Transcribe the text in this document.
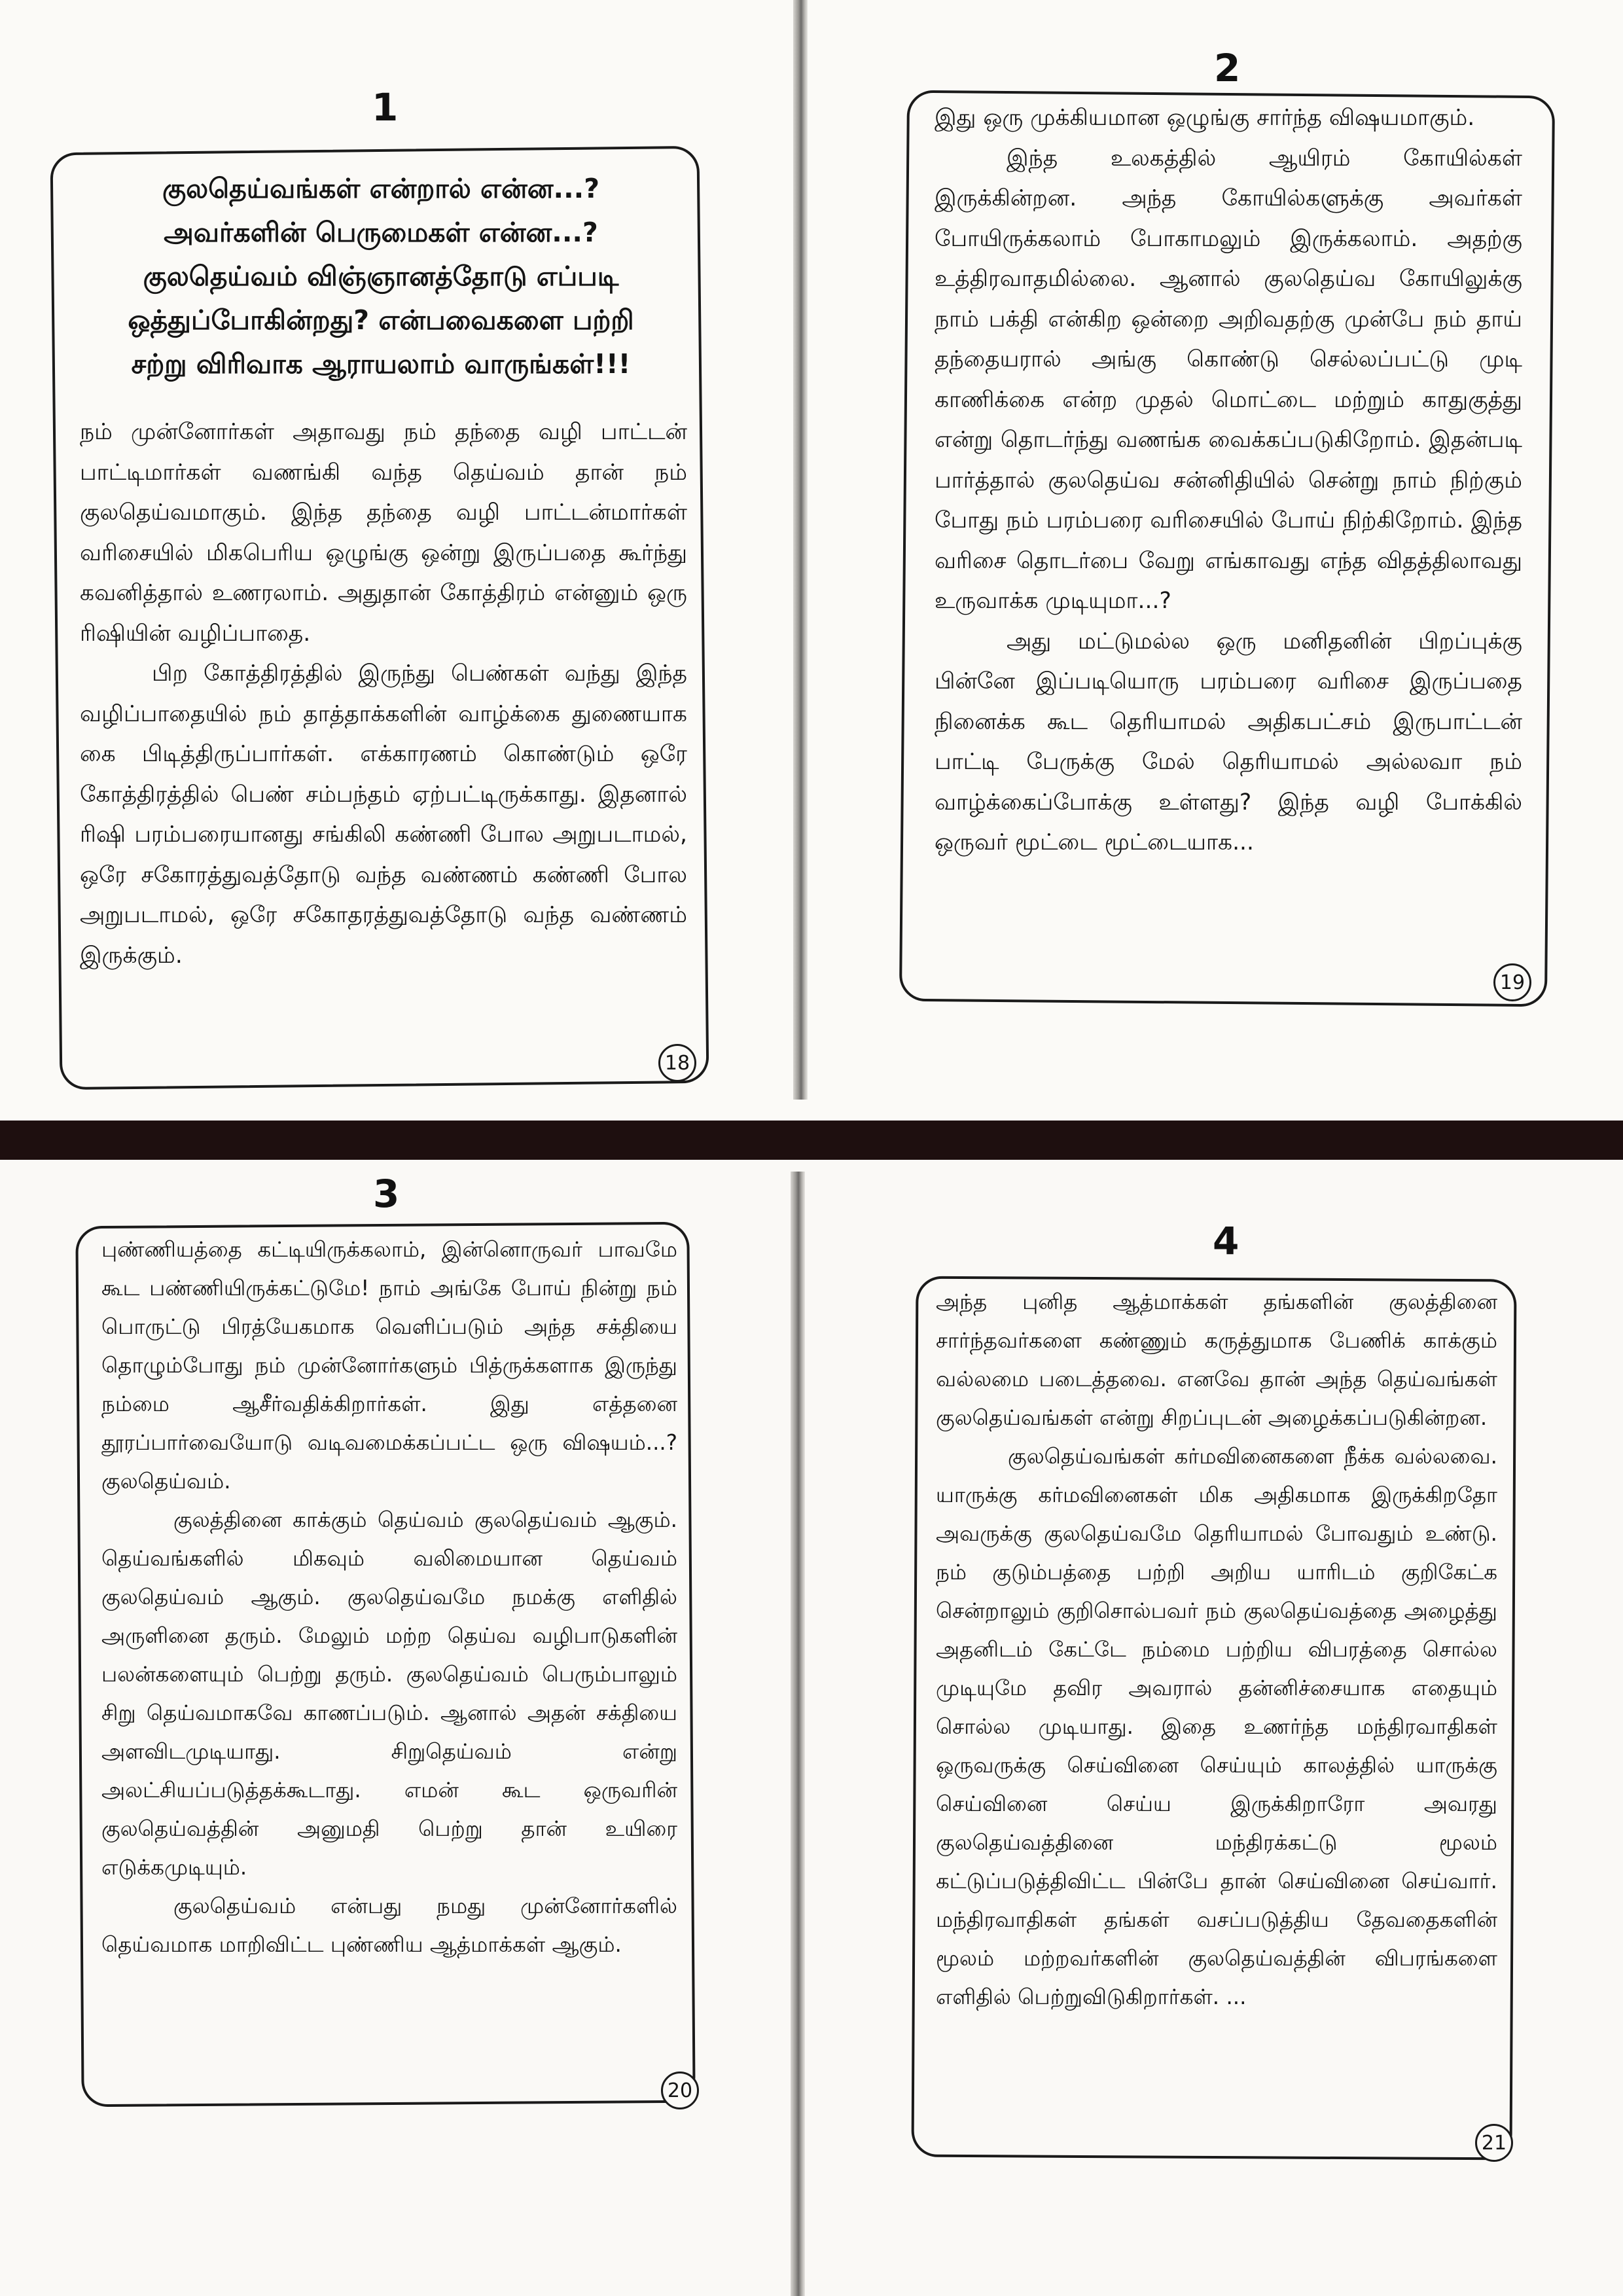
1
குலதெய்வங்கள் என்றால் என்ன...? அவர்களின் பெருமைகள் என்ன...? குலதெய்வம் விஞ்ஞானத்தோடு எப்படி ஒத்துப்போகின்றது? என்பவைகளை பற்றி சற்று விரிவாக ஆராயலாம் வாருங்கள்!!!

நம் முன்னோர்கள் அதாவது நம் தந்தை வழி பாட்டன் பாட்டிமார்கள் வணங்கி வந்த தெய்வம் தான் நம் குலதெய்வமாகும். இந்த தந்தை வழி பாட்டன்மார்கள் வரிசையில் மிகபெரிய ஒழுங்கு ஒன்று இருப்பதை கூர்ந்து கவனித்தால் உணரலாம். அதுதான் கோத்திரம் என்னும் ஒரு ரிஷியின் வழிப்பாதை.

பிற கோத்திரத்தில் இருந்து பெண்கள் வந்து இந்த வழிப்பாதையில் நம் தாத்தாக்களின் வாழ்க்கை துணையாக கை பிடித்திருப்பார்கள். எக்காரணம் கொண்டும் ஒரே கோத்திரத்தில் பெண் சம்பந்தம் ஏற்பட்டிருக்காது. இதனால் ரிஷி பரம்பரையானது சங்கிலி கண்ணி போல அறுபடாமல், ஒரே சகோரத்துவத்தோடு வந்த வண்ணம் கண்ணி போல அறுபடாமல், ஒரே சகோதரத்துவத்தோடு வந்த வண்ணம் இருக்கும்.

18
2

இது ஒரு முக்கியமான ஒழுங்கு சார்ந்த விஷயமாகும்.

இந்த உலகத்தில் ஆயிரம் கோயில்கள் இருக்கின்றன. அந்த கோயில்களுக்கு அவர்கள் போயிருக்கலாம் போகாமலும் இருக்கலாம். அதற்கு உத்திரவாதமில்லை. ஆனால் குலதெய்வ கோயிலுக்கு நாம் பக்தி என்கிற ஒன்றை அறிவதற்கு முன்பே நம் தாய் தந்தையரால் அங்கு கொண்டு செல்லப்பட்டு முடி காணிக்கை என்ற முதல் மொட்டை மற்றும் காதுகுத்து என்று தொடர்ந்து வணங்க வைக்கப்படுகிறோம். இதன்படி பார்த்தால் குலதெய்வ சன்னிதியில் சென்று நாம் நிற்கும் போது நம் பரம்பரை வரிசையில் போய் நிற்கிறோம். இந்த வரிசை தொடர்பை வேறு எங்காவது எந்த விதத்திலாவது உருவாக்க முடியுமா...?

அது மட்டுமல்ல ஒரு மனிதனின் பிறப்புக்கு பின்னே இப்படியொரு பரம்பரை வரிசை இருப்பதை நினைக்க கூட தெரியாமல் அதிகபட்சம் இருபாட்டன் பாட்டி பேருக்கு மேல் தெரியாமல் அல்லவா நம் வாழ்க்கைப்போக்கு உள்ளது? இந்த வழி போக்கில் ஒருவர் மூட்டை மூட்டையாக...

19
3

புண்ணியத்தை கட்டியிருக்கலாம், இன்னொருவர் பாவமே கூட பண்ணியிருக்கட்டுமே! நாம் அங்கே போய் நின்று நம் பொருட்டு பிரத்யேகமாக வெளிப்படும் அந்த சக்தியை தொழும்போது நம் முன்னோர்களும் பித்ருக்களாக இருந்து நம்மை ஆசீர்வதிக்கிறார்கள். இது எத்தனை தூரப்பார்வையோடு வடிவமைக்கப்பட்ட ஒரு விஷயம்...? குலதெய்வம்.

குலத்தினை காக்கும் தெய்வம் குலதெய்வம் ஆகும். தெய்வங்களில் மிகவும் வலிமையான தெய்வம் குலதெய்வம் ஆகும். குலதெய்வமே நமக்கு எளிதில் அருளினை தரும். மேலும் மற்ற தெய்வ வழிபாடுகளின் பலன்களையும் பெற்று தரும். குலதெய்வம் பெரும்பாலும் சிறு தெய்வமாகவே காணப்படும். ஆனால் அதன் சக்தியை அளவிடமுடியாது. சிறுதெய்வம் என்று அலட்சியப்படுத்தக்கூடாது. எமன் கூட ஒருவரின் குலதெய்வத்தின் அனுமதி பெற்று தான் உயிரை எடுக்கமுடியும்.

குலதெய்வம் என்பது நமது முன்னோர்களில் தெய்வமாக மாறிவிட்ட புண்ணிய ஆத்மாக்கள் ஆகும்.

20
4

அந்த புனித ஆத்மாக்கள் தங்களின் குலத்தினை சார்ந்தவர்களை கண்ணும் கருத்துமாக பேணிக் காக்கும் வல்லமை படைத்தவை. எனவே தான் அந்த தெய்வங்கள் குலதெய்வங்கள் என்று சிறப்புடன் அழைக்கப்படுகின்றன.

குலதெய்வங்கள் கர்மவினைகளை நீக்க வல்லவை. யாருக்கு கர்மவினைகள் மிக அதிகமாக இருக்கிறதோ அவருக்கு குலதெய்வமே தெரியாமல் போவதும் உண்டு. நம் குடும்பத்தை பற்றி அறிய யாரிடம் குறிகேட்க சென்றாலும் குறிசொல்பவர் நம் குலதெய்வத்தை அழைத்து அதனிடம் கேட்டே நம்மை பற்றிய விபரத்தை சொல்ல முடியுமே தவிர அவரால் தன்னிச்சையாக எதையும் சொல்ல முடியாது. இதை உணர்ந்த மந்திரவாதிகள் ஒருவருக்கு செய்வினை செய்யும் காலத்தில் யாருக்கு செய்வினை செய்ய இருக்கிறாரோ அவரது குலதெய்வத்தினை மந்திரக்கட்டு மூலம் கட்டுப்படுத்திவிட்ட பின்பே தான் செய்வினை செய்வார். மந்திரவாதிகள் தங்கள் வசப்படுத்திய தேவதைகளின் மூலம் மற்றவர்களின் குலதெய்வத்தின் விபரங்களை எளிதில் பெற்றுவிடுகிறார்கள். ...

21
